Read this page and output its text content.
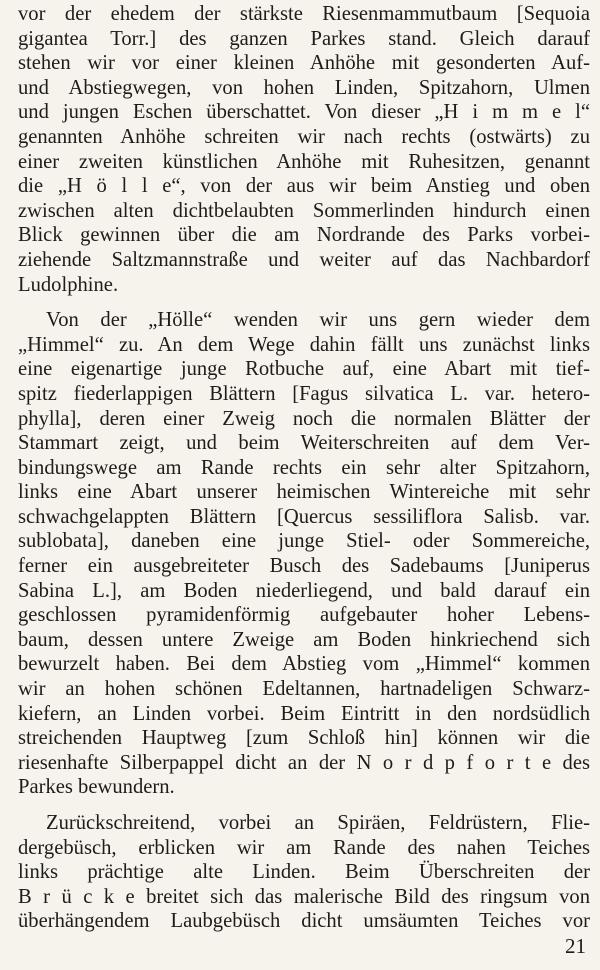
vor der ehedem der stärkste Riesenmammutbaum [Sequoia
gigantea Torr.] des ganzen Parkes stand. Gleich darauf
stehen wir vor einer kleinen Anhöhe mit gesonderten Auf-
und Abstiegwegen, von hohen Linden, Spitzahorn, Ulmen
und jungen Eschen überschattet. Von dieser „H i m m e l“
genannten Anhöhe schreiten wir nach rechts (ostwärts) zu
einer zweiten künstlichen Anhöhe mit Ruhesitzen, genannt
die „H ö l l e“, von der aus wir beim Anstieg und oben
zwischen alten dichtbelaubten Sommerlinden hindurch einen
Blick gewinnen über die am Nordrande des Parks vorbei-
ziehende Saltzmannstraße und weiter auf das Nachbardorf
Ludolphine.
Von der „Hölle“ wenden wir uns gern wieder dem
„Himmel“ zu. An dem Wege dahin fällt uns zunächst links
eine eigenartige junge Rotbuche auf, eine Abart mit tief-
spitz fiederlappigen Blättern [Fagus silvatica L. var. hetero-
phylla], deren einer Zweig noch die normalen Blätter der
Stammart zeigt, und beim Weiterschreiten auf dem Ver-
bindungswege am Rande rechts ein sehr alter Spitzahorn,
links eine Abart unserer heimischen Wintereiche mit sehr
schwachgelappten Blättern [Quercus sessiliflora Salisb. var.
sublobata], daneben eine junge Stiel- oder Sommereiche,
ferner ein ausgebreiteter Busch des Sadebaums [Juniperus
Sabina L.], am Boden niederliegend, und bald darauf ein
geschlossen pyramidenförmig aufgebauter hoher Lebens-
baum, dessen untere Zweige am Boden hinkriechend sich
bewurzelt haben. Bei dem Abstieg vom „Himmel“ kommen
wir an hohen schönen Edeltannen, hartnadeligen Schwarz-
kiefern, an Linden vorbei. Beim Eintritt in den nordsüdlich
streichenden Hauptweg [zum Schloß hin] können wir die
riesenhafte Silberpappel dicht an der N o r d p f o r t e des
Parkes bewundern.
Zurückschreitend, vorbei an Spiräen, Feldrüstern, Flie-
dergebüsch, erblicken wir am Rande des nahen Teiches
links prächtige alte Linden. Beim Überschreiten der
B r ü c k e breitet sich das malerische Bild des ringsum von
überhängendem Laubgebüsch dicht umsäumten Teiches vor
21
